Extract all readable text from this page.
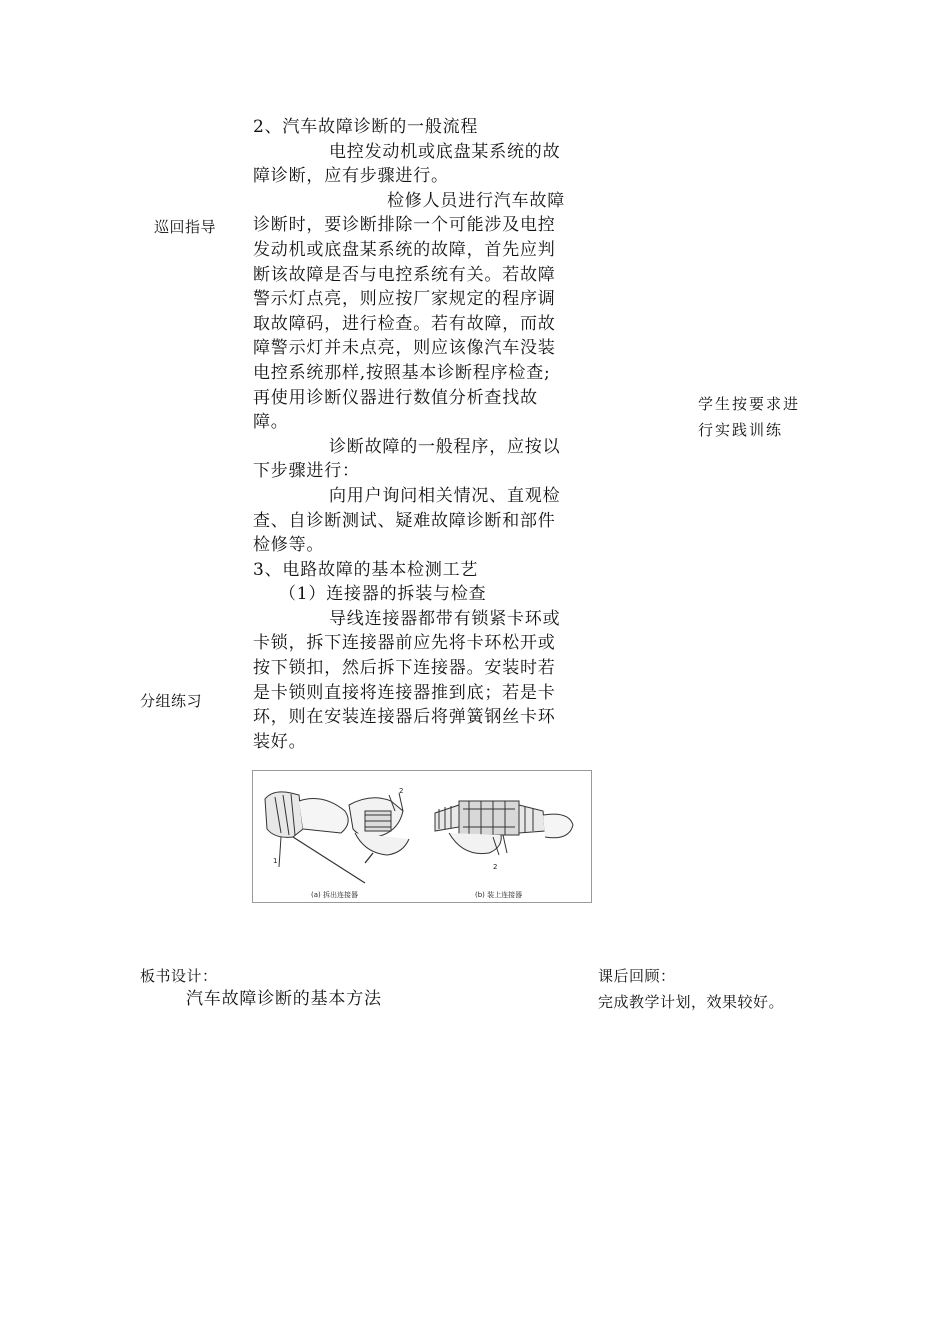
巡回指导
分组练习
学生按要求进
行实践训练

2、汽车故障诊断的一般流程

电控发动机或底盘某系统的故

障诊断，应有步骤进行。

检修人员进行汽车故障

诊断时，要诊断排除一个可能涉及电控

发动机或底盘某系统的故障，首先应判

断该故障是否与电控系统有关。若故障

警示灯点亮，则应按厂家规定的程序调

取故障码，进行检查。若有故障，而故

障警示灯并未点亮，则应该像汽车没装

电控系统那样,按照基本诊断程序检查;

再使用诊断仪器进行数值分析查找故

障。

诊断故障的一般程序，应按以

下步骤进行：

向用户询问相关情况、直观检

查、自诊断测试、疑难故障诊断和部件

检修等。

3、电路故障的基本检测工艺

（1）连接器的拆装与检查

导线连接器都带有锁紧卡环或

卡锁，拆下连接器前应先将卡环松开或

按下锁扣，然后拆下连接器。安装时若

是卡锁则直接将连接器推到底；若是卡

环，则在安装连接器后将弹簧钢丝卡环

装好。

2
1
2
(a) 拆出连接器	(b) 装上连接器
板书设计：
汽车故障诊断的基本方法
课后回顾：
完成教学计划，效果较好。
